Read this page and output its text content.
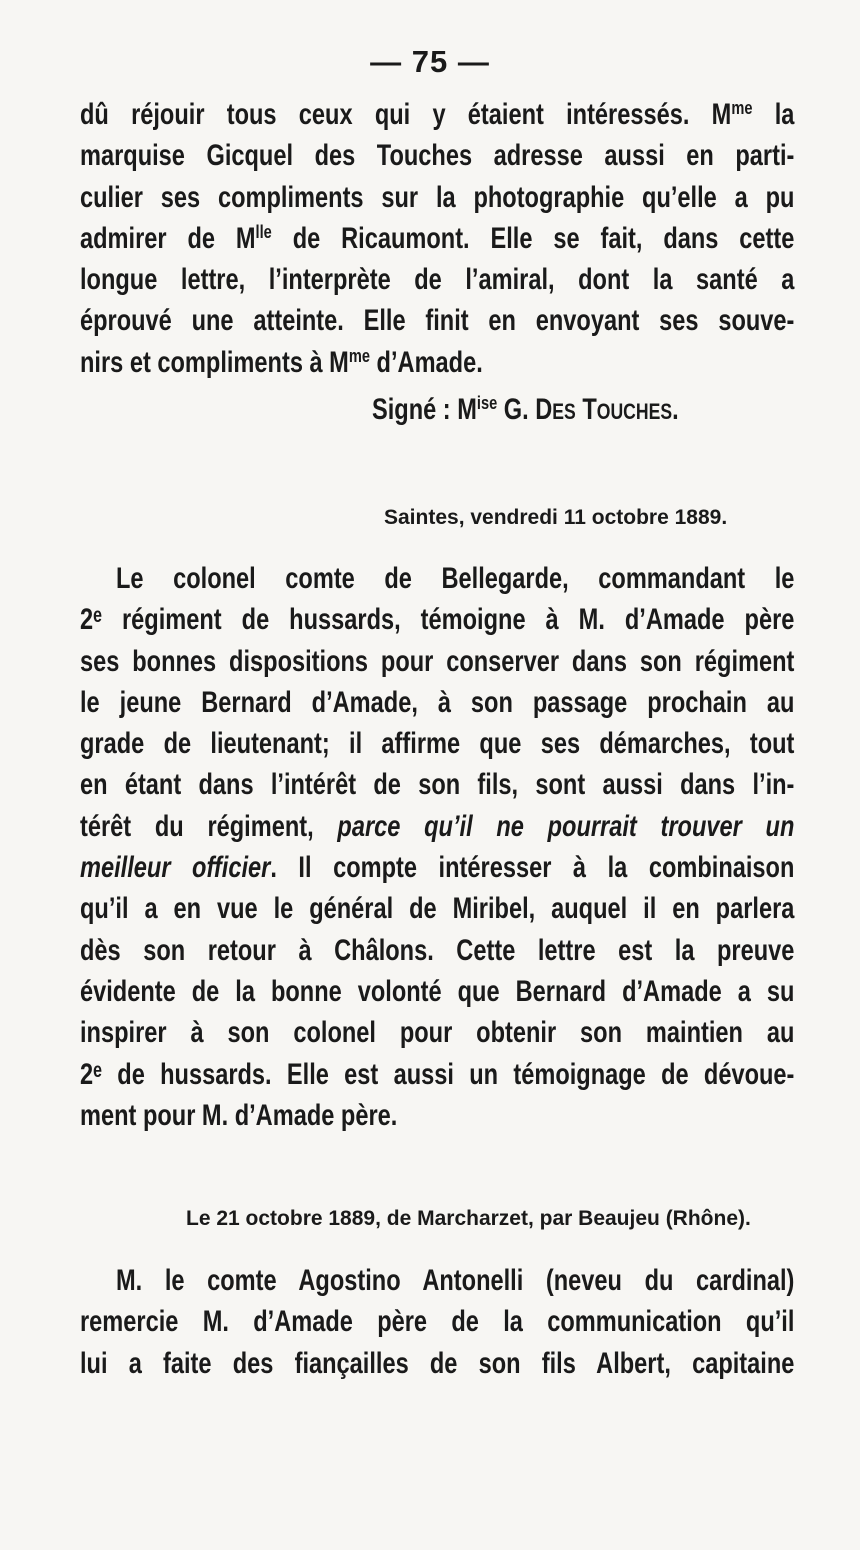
— 75 —
dû réjouir tous ceux qui y étaient intéressés. $M^{me}$ la
marquise Gicquel des Touches adresse aussi en parti-
culier ses compliments sur la photographie qu’elle a pu
admirer de $M^{lle}$ de Ricaumont. Elle se fait, dans cette
longue lettre, l’interprète de l’amiral, dont la santé a
éprouvé une atteinte. Elle finit en envoyant ses souve-
nirs et compliments à $M^{me}$ d’Amade.
Signé : $M^{ise}$ G. DES TOUCHES.
Saintes, vendredi 11 octobre 1889.
Le colonel comte de Bellegarde, commandant le
2ᵉ régiment de hussards, témoigne à M. d’Amade père
ses bonnes dispositions pour conserver dans son régiment
le jeune Bernard d’Amade, à son passage prochain au
grade de lieutenant; il affirme que ses démarches, tout
en étant dans l’intérêt de son fils, sont aussi dans l’in-
térêt du régiment, parce qu’il ne pourrait trouver un
meilleur officier. Il compte intéresser à la combinaison
qu’il a en vue le général de Miribel, auquel il en parlera
dès son retour à Châlons. Cette lettre est la preuve
évidente de la bonne volonté que Bernard d’Amade a su
inspirer à son colonel pour obtenir son maintien au
2ᵉ de hussards. Elle est aussi un témoignage de dévoue-
ment pour M. d’Amade père.
Le 21 octobre 1889, de Marcharzet, par Beaujeu (Rhône).
M. le comte Agostino Antonelli (neveu du cardinal)
remercie M. d’Amade père de la communication qu’il
lui a faite des fiançailles de son fils Albert, capitaine
